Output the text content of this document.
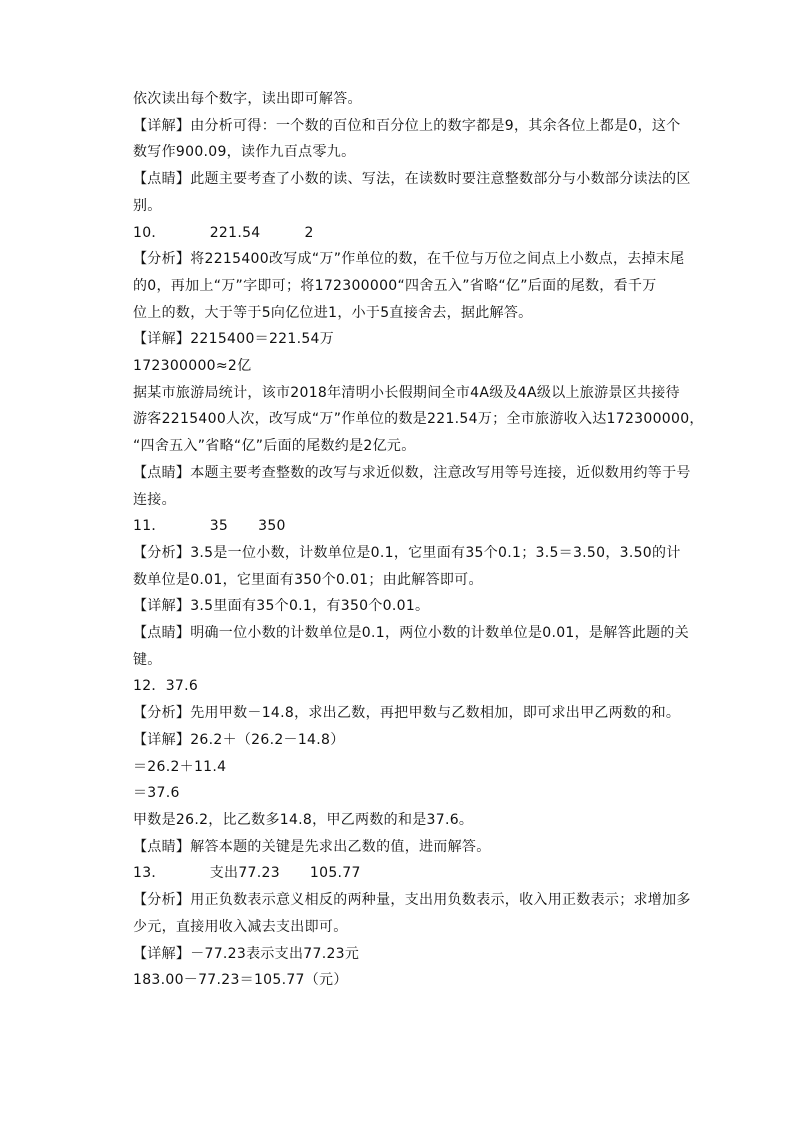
依次读出每个数字，读出即可解答。
【详解】由分析可得：一个数的百位和百分位上的数字都是9，其余各位上都是0，这个
数写作900.09，读作九百点零九。
【点睛】此题主要考查了小数的读、写法，在读数时要注意整数部分与小数部分读法的区
别。
10．	221.54	2
【分析】将2215400改写成“万”作单位的数，在千位与万位之间点上小数点，去掉末尾
的0，再加上“万”字即可；将172300000“四舍五入”省略“亿”后面的尾数，看千万
位上的数，大于等于5向亿位进1，小于5直接舍去，据此解答。
【详解】2215400＝221.54万
172300000≈2亿
据某市旅游局统计，该市2018年清明小长假期间全市4A级及4A级以上旅游景区共接待
游客2215400人次，改写成“万”作单位的数是221.54万；全市旅游收入达172300000，
“四舍五入”省略“亿”后面的尾数约是2亿元。
【点睛】本题主要考查整数的改写与求近似数，注意改写用等号连接，近似数用约等于号
连接。
11．	35 350
【分析】3.5是一位小数，计数单位是0.1，它里面有35个0.1；3.5＝3.50，3.50的计
数单位是0.01，它里面有350个0.01；由此解答即可。
【详解】3.5里面有35个0.1，有350个0.01。
【点睛】明确一位小数的计数单位是0.1，两位小数的计数单位是0.01，是解答此题的关
键。
12．37.6
【分析】先用甲数－14.8，求出乙数，再把甲数与乙数相加，即可求出甲乙两数的和。
【详解】26.2＋（26.2－14.8）
＝26.2＋11.4
＝37.6
甲数是26.2，比乙数多14.8，甲乙两数的和是37.6。
【点睛】解答本题的关键是先求出乙数的值，进而解答。
13．	支出77.23 105.77
【分析】用正负数表示意义相反的两种量，支出用负数表示，收入用正数表示；求增加多
少元，直接用收入减去支出即可。
【详解】－77.23表示支出77.23元
183.00－77.23＝105.77（元）
